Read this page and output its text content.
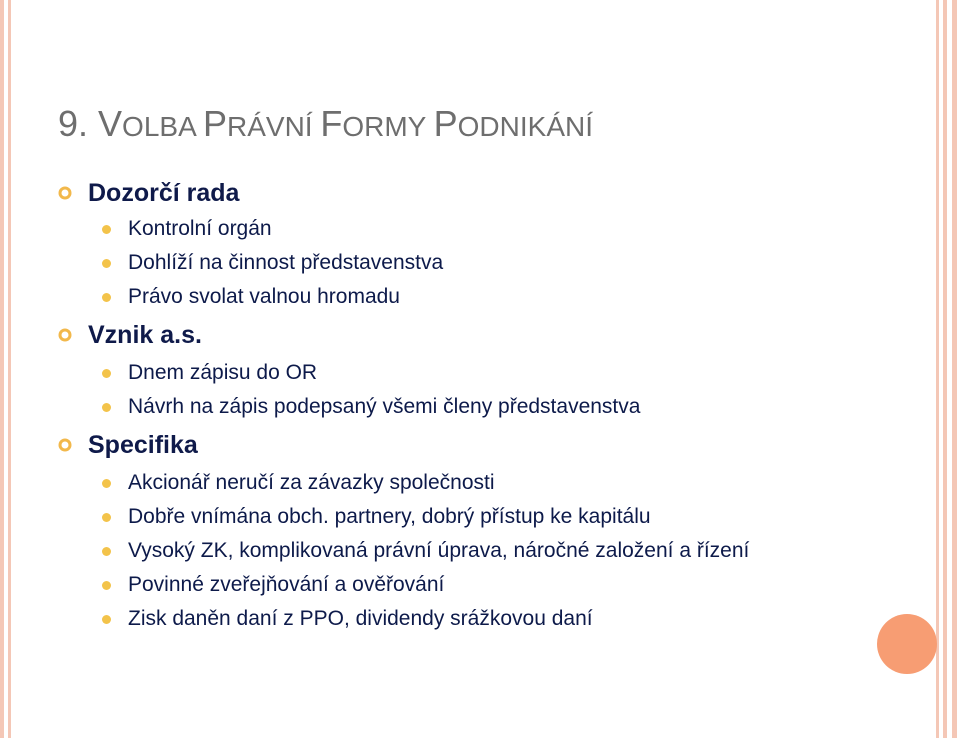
9. VOLBA PRÁVNÍ FORMY PODNIKÁNÍ
Dozorčí rada
Kontrolní orgán
Dohlíží na činnost představenstva
Právo svolat valnou hromadu
Vznik a.s.
Dnem zápisu do OR
Návrh na zápis podepsaný všemi členy představenstva
Specifika
Akcionář neručí za závazky společnosti
Dobře vnímána obch. partnery, dobrý přístup ke kapitálu
Vysoký ZK, komplikovaná právní úprava, náročné založení a řízení
Povinné zveřejňování a ověřování
Zisk daněn daní z PPO, dividendy srážkovou daní
